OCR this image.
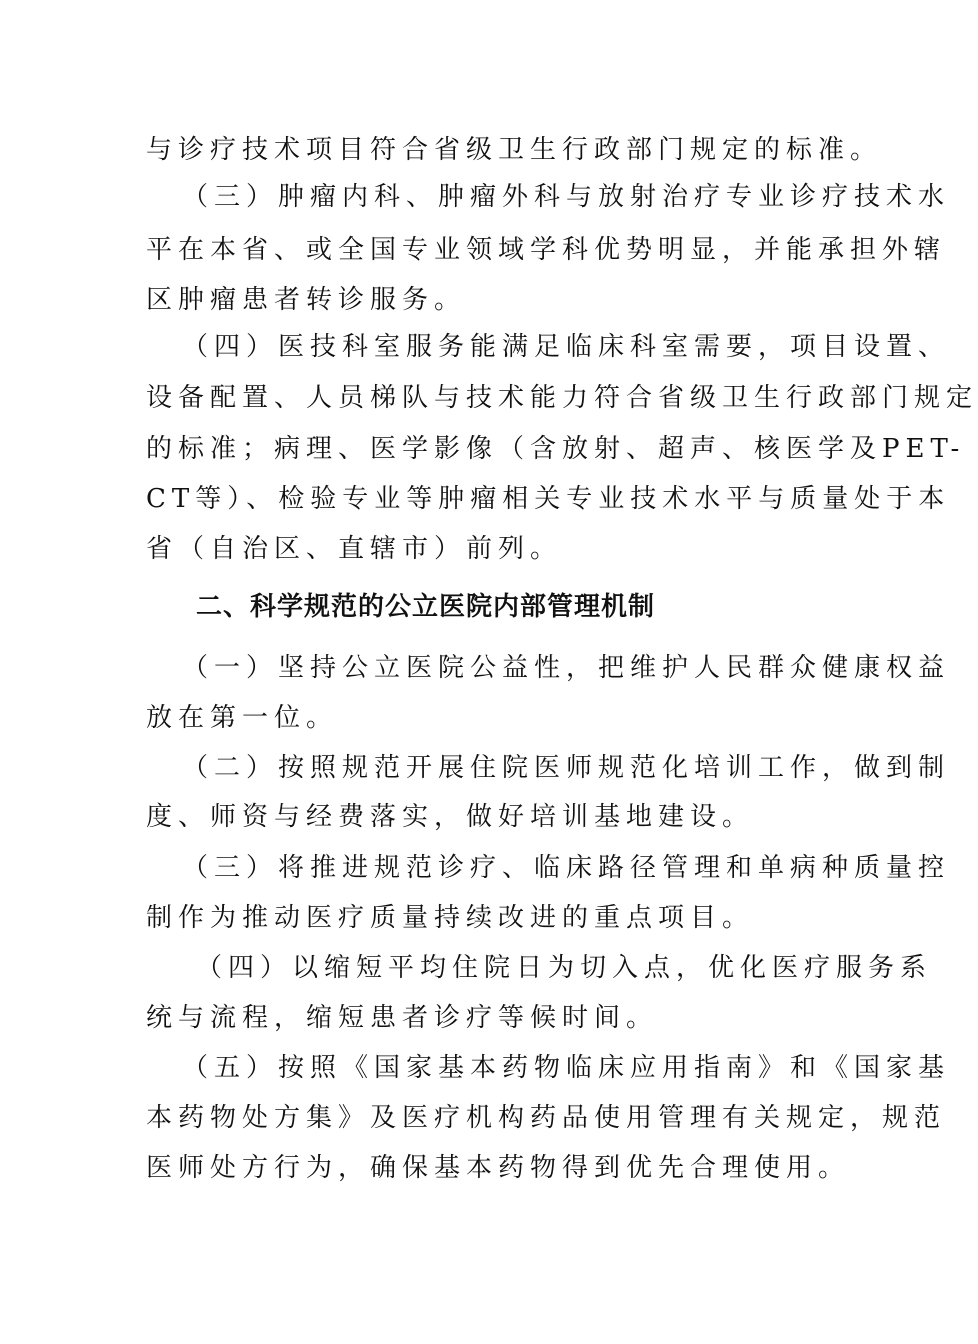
与诊疗技术项目符合省级卫生行政部门规定的标准。
（三）肿瘤内科、肿瘤外科与放射治疗专业诊疗技术水
平在本省、或全国专业领域学科优势明显，并能承担外辖
区肿瘤患者转诊服务。
（四）医技科室服务能满足临床科室需要，项目设置、
设备配置、人员梯队与技术能力符合省级卫生行政部门规定
的标准；病理、医学影像（含放射、超声、核医学及PET-
CT等）、检验专业等肿瘤相关专业技术水平与质量处于本
省（自治区、直辖市）前列。
二、科学规范的公立医院内部管理机制
（一）坚持公立医院公益性，把维护人民群众健康权益
放在第一位。
（二）按照规范开展住院医师规范化培训工作，做到制
度、师资与经费落实，做好培训基地建设。
（三）将推进规范诊疗、临床路径管理和单病种质量控
制作为推动医疗质量持续改进的重点项目。
（四）以缩短平均住院日为切入点，优化医疗服务系
统与流程，缩短患者诊疗等候时间。
（五）按照《国家基本药物临床应用指南》和《国家基
本药物处方集》及医疗机构药品使用管理有关规定，规范
医师处方行为，确保基本药物得到优先合理使用。
